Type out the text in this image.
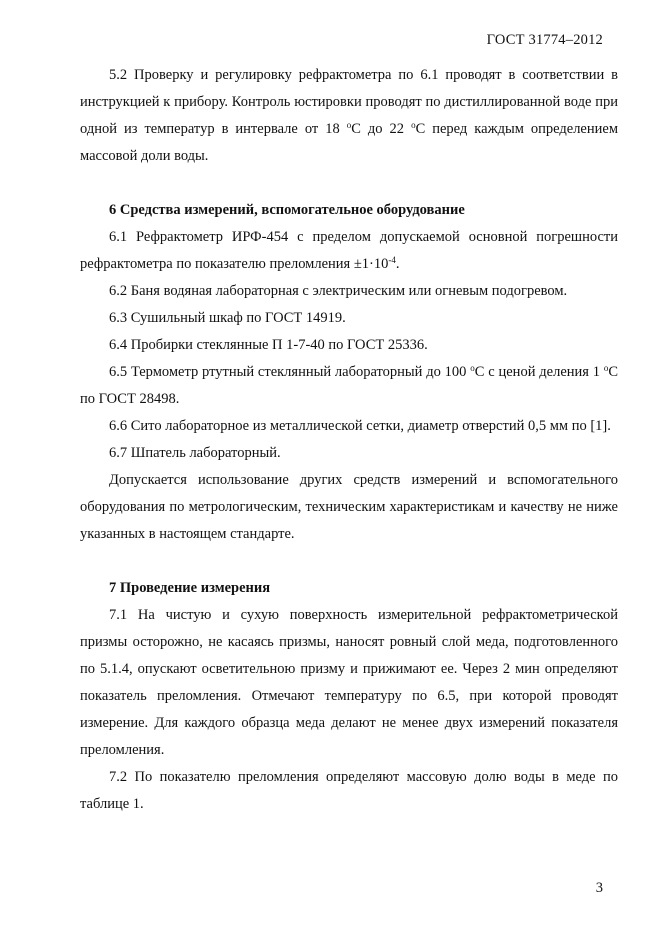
ГОСТ 31774–2012

5.2 Проверку и регулировку рефрактометра по 6.1 проводят в соответствии в инструкцией к прибору. Контроль юстировки проводят по дистиллированной воде при одной из температур в интервале от 18 $^о$С до 22 $^о$С перед каждым определением массовой доли воды.

6 Средства измерений, вспомогательное оборудование

6.1 Рефрактометр ИРФ-454 с пределом допускаемой основной погрешности рефрактометра по показателю преломления $\pm 1\cdot 10^{-4}$.

6.2 Баня водяная лабораторная с электрическим или огневым подогревом.

6.3 Сушильный шкаф по ГОСТ 14919.

6.4 Пробирки стеклянные П 1-7-40 по ГОСТ 25336.

6.5 Термометр ртутный стеклянный лабораторный до 100 $^о$С с ценой деления 1 $^о$С по ГОСТ 28498.

6.6 Сито лабораторное из металлической сетки, диаметр отверстий 0,5 мм по [1].

6.7 Шпатель лабораторный.

Допускается использование других средств измерений и вспомогательного оборудования по метрологическим, техническим характеристикам и качеству не ниже указанных в настоящем стандарте.

7 Проведение измерения

7.1 На чистую и сухую поверхность измерительной рефрактометрической призмы осторожно, не касаясь призмы, наносят ровный слой меда, подготовленного по 5.1.4, опускают осветительною призму и прижимают ее. Через 2 мин определяют показатель преломления. Отмечают температуру по 6.5, при которой проводят измерение. Для каждого образца меда делают не менее двух измерений показателя преломления.

7.2 По показателю преломления определяют массовую долю воды в меде по таблице 1.

3
